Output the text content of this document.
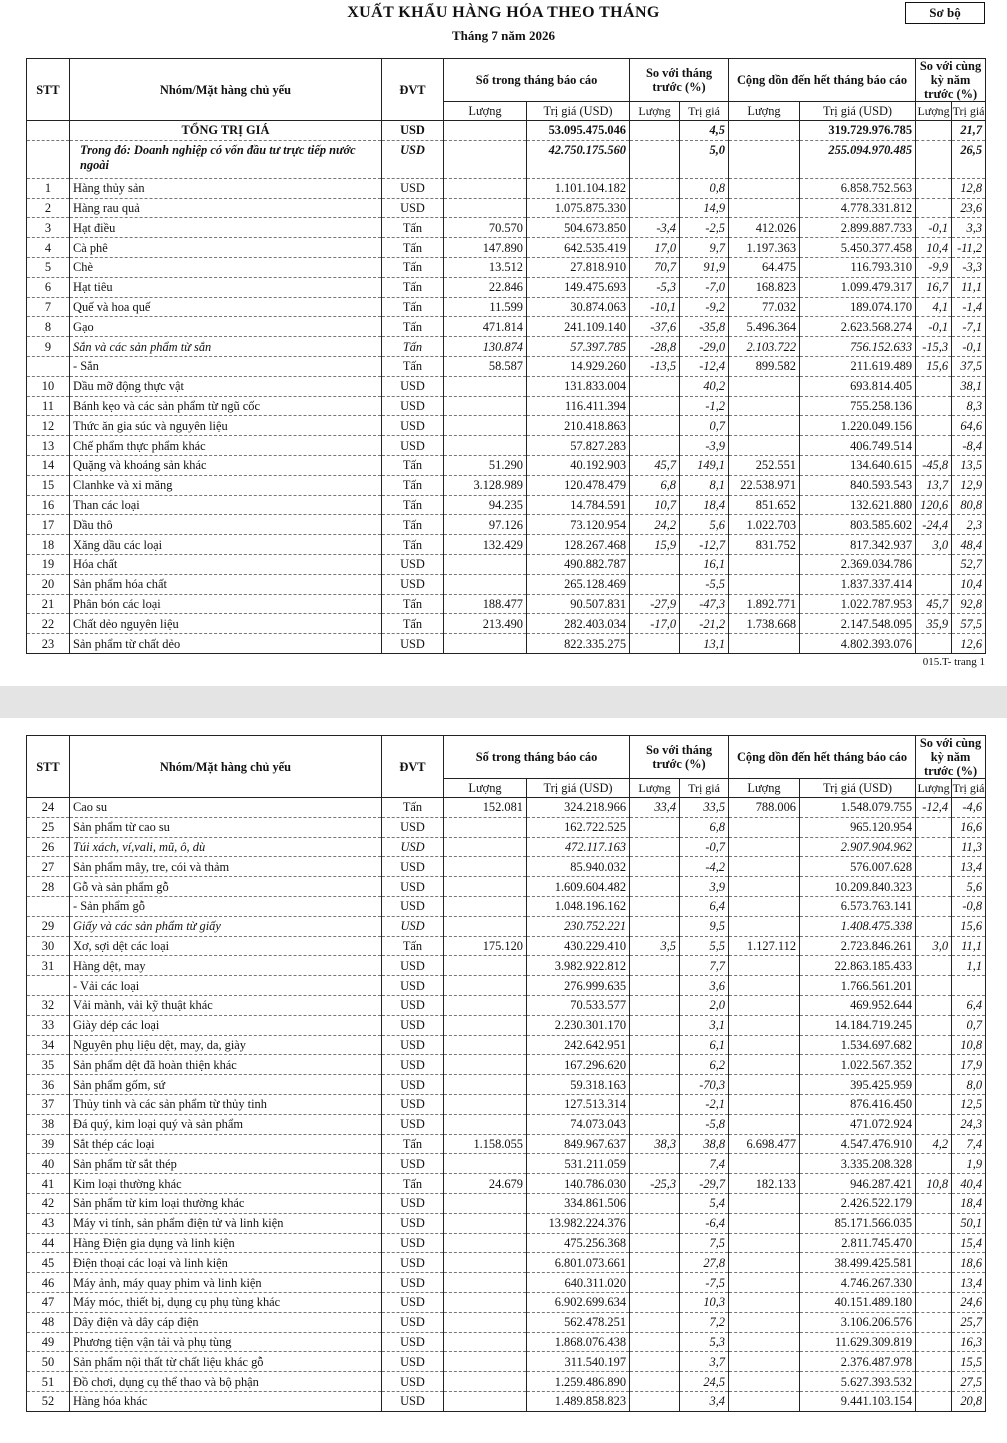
XUẤT KHẨU HÀNG HÓA THEO THÁNG
Tháng 7 năm 2026
Sơ bộ
STT	Nhóm/Mặt hàng chủ yếu	ĐVT	Số trong tháng báo cáo		So với tháng trước (%)		Cộng dồn đến hết tháng báo cáo		So với cùng kỳ năm trước (%)	
			Lượng	Trị giá (USD)	Lượng	Trị giá	Lượng	Trị giá (USD)	Lượng	Trị giá
	TỔNG TRỊ GIÁ	USD		53.095.475.046		4,5		319.729.976.785		21,7
	Trong đó: Doanh nghiệp có vốn đầu tư trực tiếp nước ngoài	USD		42.750.175.560		5,0		255.094.970.485		26,5
1	Hàng thủy sản	USD		1.101.104.182		0,8		6.858.752.563		12,8
2	Hàng rau quả	USD		1.075.875.330		14,9		4.778.331.812		23,6
3	Hạt điều	Tấn	70.570	504.673.850	-3,4	-2,5	412.026	2.899.887.733	-0,1	3,3
4	Cà phê	Tấn	147.890	642.535.419	17,0	9,7	1.197.363	5.450.377.458	10,4	-11,2
5	Chè	Tấn	13.512	27.818.910	70,7	91,9	64.475	116.793.310	-9,9	-3,3
6	Hạt tiêu	Tấn	22.846	149.475.693	-5,3	-7,0	168.823	1.099.479.317	16,7	11,1
7	Quế và hoa quế	Tấn	11.599	30.874.063	-10,1	-9,2	77.032	189.074.170	4,1	-1,4
8	Gạo	Tấn	471.814	241.109.140	-37,6	-35,8	5.496.364	2.623.568.274	-0,1	-7,1
9	Sắn và các sản phẩm từ sắn	Tấn	130.874	57.397.785	-28,8	-29,0	2.103.722	756.152.633	-15,3	-0,1
	- Sắn	Tấn	58.587	14.929.260	-13,5	-12,4	899.582	211.619.489	15,6	37,5
10	Dầu mỡ động thực vật	USD		131.833.004		40,2		693.814.405		38,1
11	Bánh kẹo và các sản phẩm từ ngũ cốc	USD		116.411.394		-1,2		755.258.136		8,3
12	Thức ăn gia súc và nguyên liệu	USD		210.418.863		0,7		1.220.049.156		64,6
13	Chế phẩm thực phẩm khác	USD		57.827.283		-3,9		406.749.514		-8,4
14	Quặng và khoáng sản khác	Tấn	51.290	40.192.903	45,7	149,1	252.551	134.640.615	-45,8	13,5
15	Clanhke và xi măng	Tấn	3.128.989	120.478.479	6,8	8,1	22.538.971	840.593.543	13,7	12,9
16	Than các loại	Tấn	94.235	14.784.591	10,7	18,4	851.652	132.621.880	120,6	80,8
17	Dầu thô	Tấn	97.126	73.120.954	24,2	5,6	1.022.703	803.585.602	-24,4	2,3
18	Xăng dầu các loại	Tấn	132.429	128.267.468	15,9	-12,7	831.752	817.342.937	3,0	48,4
19	Hóa chất	USD		490.882.787		16,1		2.369.034.786		52,7
20	Sản phẩm hóa chất	USD		265.128.469		-5,5		1.837.337.414		10,4
21	Phân bón các loại	Tấn	188.477	90.507.831	-27,9	-47,3	1.892.771	1.022.787.953	45,7	92,8
22	Chất dẻo nguyên liệu	Tấn	213.490	282.403.034	-17,0	-21,2	1.738.668	2.147.548.095	35,9	57,5
23	Sản phẩm từ chất dẻo	USD		822.335.275		13,1		4.802.393.076		12,6
015.T- trang 1
STT	Nhóm/Mặt hàng chủ yếu	ĐVT	Số trong tháng báo cáo		So với tháng trước (%)		Cộng dồn đến hết tháng báo cáo		So với cùng kỳ năm trước (%)	
			Lượng	Trị giá (USD)	Lượng	Trị giá	Lượng	Trị giá (USD)	Lượng	Trị giá
24	Cao su	Tấn	152.081	324.218.966	33,4	33,5	788.006	1.548.079.755	-12,4	-4,6
25	Sản phẩm từ cao su	USD		162.722.525		6,8		965.120.954		16,6
26	Túi xách, ví,vali, mũ, ô, dù	USD		472.117.163		-0,7		2.907.904.962		11,3
27	Sản phẩm mây, tre, cói và thảm	USD		85.940.032		-4,2		576.007.628		13,4
28	Gỗ và sản phẩm gỗ	USD		1.609.604.482		3,9		10.209.840.323		5,6
	- Sản phẩm gỗ	USD		1.048.196.162		6,4		6.573.763.141		-0,8
29	Giấy và các sản phẩm từ giấy	USD		230.752.221		9,5		1.408.475.338		15,6
30	Xơ, sợi dệt các loại	Tấn	175.120	430.229.410	3,5	5,5	1.127.112	2.723.846.261	3,0	11,1
31	Hàng dệt, may	USD		3.982.922.812		7,7		22.863.185.433		1,1
	- Vải các loại	USD		276.999.635		3,6		1.766.561.201		
32	Vải mành, vải kỹ thuật khác	USD		70.533.577		2,0		469.952.644		6,4
33	Giày dép các loại	USD		2.230.301.170		3,1		14.184.719.245		0,7
34	Nguyên phụ liệu dệt, may, da, giày	USD		242.642.951		6,1		1.534.697.682		10,8
35	Sản phẩm dệt đã hoàn thiện khác	USD		167.296.620		6,2		1.022.567.352		17,9
36	Sản phẩm gốm, sứ	USD		59.318.163		-70,3		395.425.959		8,0
37	Thủy tinh và các sản phẩm từ thủy tinh	USD		127.513.314		-2,1		876.416.450		12,5
38	Đá quý, kim loại quý và sản phẩm	USD		74.073.043		-5,8		471.072.924		24,3
39	Sắt thép các loại	Tấn	1.158.055	849.967.637	38,3	38,8	6.698.477	4.547.476.910	4,2	7,4
40	Sản phẩm từ sắt thép	USD		531.211.059		7,4		3.335.208.328		1,9
41	Kim loại thường khác	Tấn	24.679	140.786.030	-25,3	-29,7	182.133	946.287.421	10,8	40,4
42	Sản phẩm từ kim loại thường khác	USD		334.861.506		5,4		2.426.522.179		18,4
43	Máy vi tính, sản phẩm điện tử và linh kiện	USD		13.982.224.376		-6,4		85.171.566.035		50,1
44	Hàng Điện gia dụng và linh kiện	USD		475.256.368		7,5		2.811.745.470		15,4
45	Điện thoại các loại và linh kiện	USD		6.801.073.661		27,8		38.499.425.581		18,6
46	Máy ảnh, máy quay phim và linh kiện	USD		640.311.020		-7,5		4.746.267.330		13,4
47	Máy móc, thiết bị, dụng cụ phụ tùng khác	USD		6.902.699.634		10,3		40.151.489.180		24,6
48	Dây điện và dây cáp điện	USD		562.478.251		7,2		3.106.206.576		25,7
49	Phương tiện vận tải và phụ tùng	USD		1.868.076.438		5,3		11.629.309.819		16,3
50	Sản phẩm nội thất từ chất liệu khác gỗ	USD		311.540.197		3,7		2.376.487.978		15,5
51	Đồ chơi, dụng cụ thể thao và bộ phận	USD		1.259.486.890		24,5		5.627.393.532		27,5
52	Hàng hóa khác	USD		1.489.858.823		3,4		9.441.103.154		20,8
